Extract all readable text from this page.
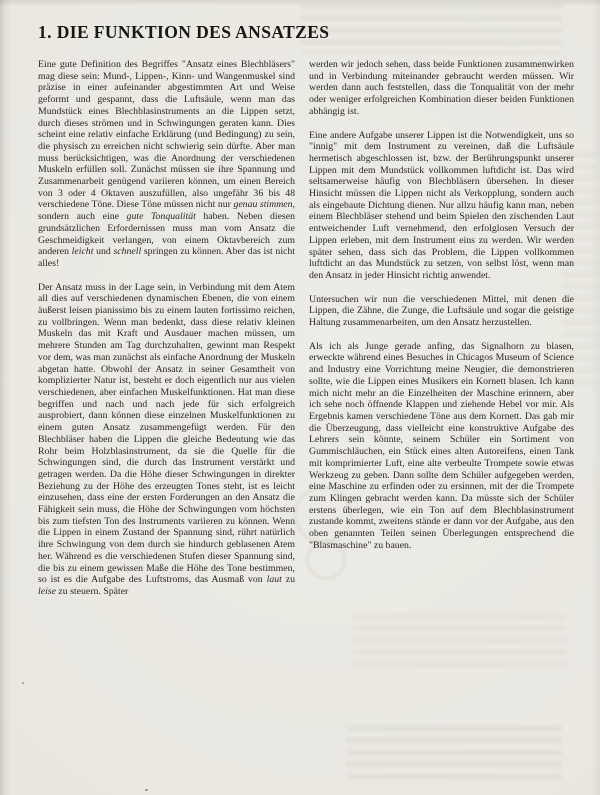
1. DIE FUNKTION DES ANSATZES

Eine gute Definition des Begriffes "Ansatz eines Blechbläsers" mag diese sein: Mund-, Lippen-, Kinn- und Wangenmuskel sind präzise in einer aufeinander abgestimmten Art und Weise geformt und gespannt, dass die Luftsäule, wenn man das Mundstück eines Blechblasinstruments an die Lippen setzt, durch dieses strömen und in Schwingungen geraten kann. Dies scheint eine relativ einfache Erklärung (und Bedingung) zu sein, die physisch zu erreichen nicht schwierig sein dürfte. Aber man muss berücksichtigen, was die Anordnung der verschiedenen Muskeln erfüllen soll. Zunächst müssen sie ihre Spannung und Zusammenarbeit genügend variieren können, um einen Bereich von 3 oder 4 Oktaven auszufüllen, also ungefähr 36 bis 48 verschiedene Töne. Diese Töne müssen nicht nur genau stimmen, sondern auch eine gute Tonqualität haben. Neben diesen grundsätzlichen Erfordernissen muss man vom Ansatz die Geschmeidigkeit verlangen, von einem Oktavbereich zum anderen leicht und schnell springen zu können. Aber das ist nicht alles!

Der Ansatz muss in der Lage sein, in Verbindung mit dem Atem all dies auf verschiedenen dynamischen Ebenen, die von einem äußerst leisen pianissimo bis zu einem lauten fortissimo reichen, zu vollbringen. Wenn man bedenkt, dass diese relativ kleinen Muskeln das mit Kraft und Ausdauer machen müssen, um mehrere Stunden am Tag durchzuhalten, gewinnt man Respekt vor dem, was man zunächst als einfache Anordnung der Muskeln abgetan hatte. Obwohl der Ansatz in seiner Gesamtheit von komplizierter Natur ist, besteht er doch eigentlich nur aus vielen verschiedenen, aber einfachen Muskelfunktionen. Hat man diese begriffen und nach und nach jede für sich erfolgreich ausprobiert, dann können diese einzelnen Muskelfunktionen zu einem guten Ansatz zusammengefügt werden. Für den Blechbläser haben die Lippen die gleiche Bedeutung wie das Rohr beim Holzblasinstrument, da sie die Quelle für die Schwingungen sind, die durch das Instrument verstärkt und getragen werden. Da die Höhe dieser Schwingungen in direkter Beziehung zu der Höhe des erzeugten Tones steht, ist es leicht einzusehen, dass eine der ersten Forderungen an den Ansatz die Fähigkeit sein muss, die Höhe der Schwingungen vom höchsten bis zum tiefsten Ton des Instruments variieren zu können. Wenn die Lippen in einem Zustand der Spannung sind, rührt natürlich ihre Schwingung von dem durch sie hindurch geblasenen Atem her. Während es die verschiedenen Stufen dieser Spannung sind, die bis zu einem gewissen Maße die Höhe des Tone bestimmen, so ist es die Aufgabe des Luftstroms, das Ausmaß von laut zu leise zu steuern. Später

werden wir jedoch sehen, dass beide Funktionen zusammenwirken und in Verbindung miteinander gebraucht werden müssen. Wir werden dann auch feststellen, dass die Tonqualität von der mehr oder weniger erfolgreichen Kombination dieser beiden Funktionen abhängig ist.

Eine andere Aufgabe unserer Lippen ist die Notwendigkeit, uns so "innig" mit dem Instrument zu vereinen, daß die Luftsäule hermetisch abgeschlossen ist, bzw. der Berührungspunkt unserer Lippen mit dem Mundstück vollkommen luftdicht ist. Das wird seltsamerweise häufig von Blechbläsern übersehen. In dieser Hinsicht müssen die Lippen nicht als Verkopplung, sondern auch als eingebaute Dichtung dienen. Nur allzu häufig kann man, neben einem Blechbläser stehend und beim Spielen den zischenden Laut entweichender Luft vernehmend, den erfolglosen Versuch der Lippen erleben, mit dem Instrument eins zu werden. Wir werden später sehen, dass sich das Problem, die Lippen vollkommen luftdicht an das Mundstück zu setzen, von selbst löst, wenn man den Ansatz in jeder Hinsicht richtig anwendet.

Untersuchen wir nun die verschiedenen Mittel, mit denen die Lippen, die Zähne, die Zunge, die Luftsäule und sogar die geistige Haltung zusammenarbeiten, um den Ansatz herzustellen.

Als ich als Junge gerade anfing, das Signalhorn zu blasen, erweckte während eines Besuches in Chicagos Museum of Science and Industry eine Vorrichtung meine Neugier, die demonstrieren sollte, wie die Lippen eines Musikers ein Kornett blasen. Ich kann mich nicht mehr an die Einzelheiten der Maschine erinnern, aber ich sehe noch öffnende Klappen und ziehende Hebel vor mir. Als Ergebnis kamen verschiedene Töne aus dem Kornett. Das gab mir die Überzeugung, dass vielleicht eine konstruktive Aufgabe des Lehrers sein könnte, seinem Schüler ein Sortiment von Gummischläuchen, ein Stück eines alten Autoreifens, einen Tank mit komprimierter Luft, eine alte verbeulte Trompete sowie etwas Werkzeug zu geben. Dann sollte dem Schüler aufgegeben werden, eine Maschine zu erfinden oder zu ersinnen, mit der die Trompete zum Klingen gebracht werden kann. Da müsste sich der Schüler erstens überlegen, wie ein Ton auf dem Blechblasinstrument zustande kommt, zweitens stände er dann vor der Aufgabe, aus den oben genannten Teilen seinen Überlegungen entsprechend die "Blasmaschine" zu bauen.
